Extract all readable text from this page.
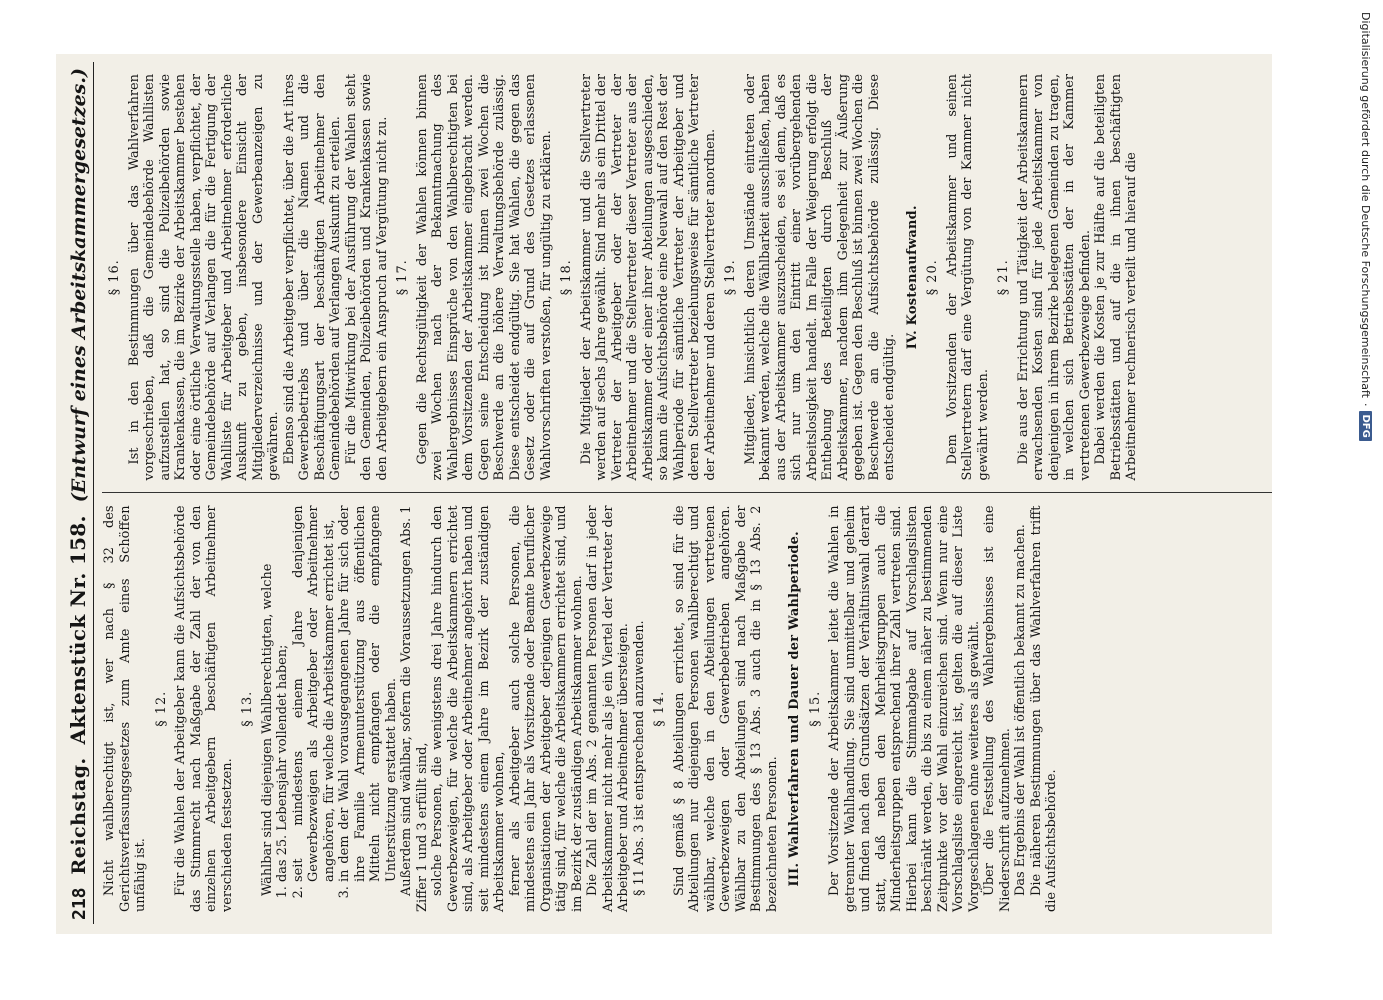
218
Reichstag.
Aktenstück Nr. 158.
(Entwurf eines Arbeitskammergesetzes.)

Nicht wahlberechtigt ist, wer nach § 32 des Gerichtsverfassungsgesetzes zum Amte eines Schöffen unfähig ist.

§ 12. Für die Wahlen der Arbeitgeber kann die Aufsichtsbehörde das Stimmrecht nach Maßgabe der Zahl der von den einzelnen Arbeitgebern beschäftigten Arbeitnehmer verschieden festsetzen.

§ 13. Wählbar sind diejenigen Wahlberechtigten, welche 1. das 25. Lebensjahr vollendet haben; 2. seit mindestens einem Jahre denjenigen Gewerbezweigen als Arbeitgeber oder Arbeitnehmer angehören, für welche die Arbeitskammer errichtet ist, 3. in dem der Wahl vorausgegangenen Jahre für sich oder ihre Familie Armenunterstützung aus öffentlichen Mitteln nicht empfangen oder die empfangene Unterstützung erstattet haben. Außerdem sind wählbar, sofern die Voraussetzungen Abs. 1 Ziffer 1 und 3 erfüllt sind, solche Personen, die wenigstens drei Jahre hindurch den Gewerbezweigen, für welche die Arbeitskammern errichtet sind, als Arbeitgeber oder Arbeitnehmer angehört haben und seit mindestens einem Jahre im Bezirk der zuständigen Arbeitskammer wohnen, ferner als Arbeitgeber auch solche Personen, die mindestens ein Jahr als Vorsitzende oder Beamte beruflicher Organisationen der Arbeitgeber derjenigen Gewerbezweige tätig sind, für welche die Arbeitskammern errichtet sind, und im Bezirk der zuständigen Arbeitskammer wohnen. Die Zahl der im Abs. 2 genannten Personen darf in jeder Arbeitskammer nicht mehr als je ein Viertel der Vertreter der Arbeitgeber und Arbeitnehmer übersteigen. § 11 Abs. 3 ist entsprechend anzuwenden. § 14. Sind gemäß § 8 Abteilungen errichtet, so sind für die Abteilungen nur diejenigen Personen wahlberechtigt und wählbar, welche den in den Abteilungen vertretenen Gewerbezweigen oder Gewerbebetrieben angehören. Wählbar zu den Abteilungen sind nach Maßgabe der Bestimmungen des § 13 Abs. 3 auch die in § 13 Abs. 2 bezeichneten Personen. III. Wahlverfahren und Dauer der Wahlperiode. § 15. Der Vorsitzende der Arbeitskammer leitet die Wahlen in getrennter Wahlhandlung. Sie sind unmittelbar und geheim und finden nach den Grundsätzen der Verhältniswahl derart statt, daß neben den Mehrheitsgruppen auch die Minderheitsgruppen entsprechend ihrer Zahl vertreten sind. Hierbei kann die Stimmabgabe auf Vorschlagslisten beschränkt werden, die bis zu einem näher zu bestimmenden Zeitpunkte vor der Wahl einzureichen sind. Wenn nur eine Vorschlagsliste eingereicht ist, gelten die auf dieser Liste Vorgeschlagenen ohne weiteres als gewählt. Über die Feststellung des Wahlergebnisses ist eine Niederschrift aufzunehmen. Das Ergebnis der Wahl ist öffentlich bekannt zu machen. Die näheren Bestimmungen über das Wahlverfahren trifft die Aufsichtsbehörde.

§ 16. Ist in den Bestimmungen über das Wahlverfahren vorgeschrieben, daß die Gemeindebehörde Wahllisten aufzustellen hat, so sind die Polizeibehörden sowie Krankenkassen, die im Bezirke der Arbeitskammer bestehen oder eine örtliche Verwaltungsstelle haben, verpflichtet, der Gemeindebehörde auf Verlangen die für die Fertigung der Wahlliste für Arbeitgeber und Arbeitnehmer erforderliche Auskunft zu geben, insbesondere Einsicht der Mitgliederverzeichnisse und der Gewerbeanzeigen zu gewähren. Ebenso sind die Arbeitgeber verpflichtet, über die Art ihres Gewerbebetriebs und über die Namen und die Beschäftigungsart der beschäftigten Arbeitnehmer den Gemeindebehörden auf Verlangen Auskunft zu erteilen. Für die Mitwirkung bei der Ausführung der Wahlen steht den Gemeinden, Polizeibehörden und Krankenkassen sowie den Arbeitgebern ein Anspruch auf Vergütung nicht zu. § 17. Gegen die Rechtsgültigkeit der Wahlen können binnen zwei Wochen nach der Bekanntmachung des Wahlergebnisses Einsprüche von den Wahlberechtigten bei dem Vorsitzenden der Arbeitskammer eingebracht werden. Gegen seine Entscheidung ist binnen zwei Wochen die Beschwerde an die höhere Verwaltungsbehörde zulässig. Diese entscheidet endgültig. Sie hat Wahlen, die gegen das Gesetz oder die auf Grund des Gesetzes erlassenen Wahlvorschriften verstoßen, für ungültig zu erklären. § 18. Die Mitglieder der Arbeitskammer und die Stellvertreter werden auf sechs Jahre gewählt. Sind mehr als ein Drittel der Vertreter der Arbeitgeber oder der Vertreter der Arbeitnehmer und die Stellvertreter dieser Vertreter aus der Arbeitskammer oder einer ihrer Abteilungen ausgeschieden, so kann die Aufsichtsbehörde eine Neuwahl auf den Rest der Wahlperiode für sämtliche Vertreter der Arbeitgeber und deren Stellvertreter beziehungsweise für sämtliche Vertreter der Arbeitnehmer und deren Stellvertreter anordnen. § 19. Mitglieder, hinsichtlich deren Umstände eintreten oder bekannt werden, welche die Wählbarkeit ausschließen, haben aus der Arbeitskammer auszuscheiden, es sei denn, daß es sich nur um den Eintritt einer vorübergehenden Arbeitslosigkeit handelt. Im Falle der Weigerung erfolgt die Enthebung des Beteiligten durch Beschluß der Arbeitskammer, nachdem ihm Gelegenheit zur Äußerung gegeben ist. Gegen den Beschluß ist binnen zwei Wochen die Beschwerde an die Aufsichtsbehörde zulässig. Diese entscheidet endgültig.

IV. Kostenaufwand. § 20. Dem Vorsitzenden der Arbeitskammer und seinen Stellvertretern darf eine Vergütung von der Kammer nicht gewährt werden.

§ 21. Die aus der Errichtung und Tätigkeit der Arbeitskammern erwachsenden Kosten sind für jede Arbeitskammer von denjenigen in ihrem Bezirke belegenen Gemeinden zu tragen, in welchen sich Betriebsstätten der in der Kammer vertretenen Gewerbezweige befinden. Dabei werden die Kosten je zur Hälfte auf die beteiligten Betriebsstätten und auf die in ihnen beschäftigten Arbeitnehmer rechnerisch verteilt und hierauf die	Digitalisierung gefördert durch die Deutsche Forschungsgemeinschaft
·
DFG
